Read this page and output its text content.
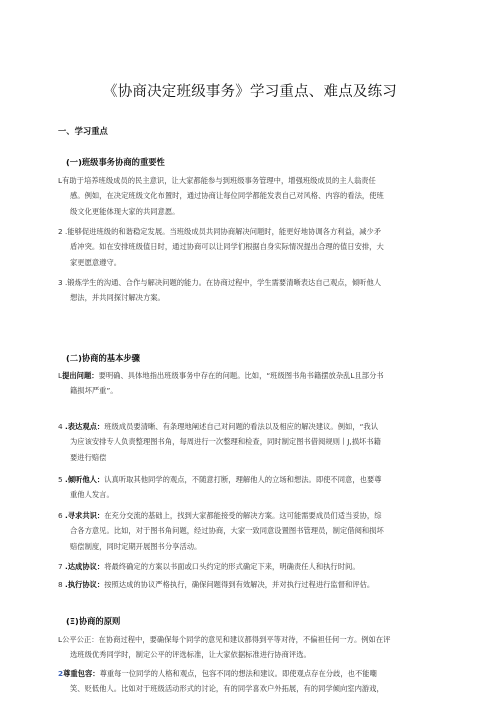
《协商决定班级事务》学习重点、难点及练习
一、学习重点
(一)班级事务协商的重要性
L有助于培养班级成员的民主意识，让大家都能参与到班级事务管理中，增强班级成员的主人翁责任
感。例如，在决定班级文化布置时，通过协商让每位同学都能发表自己对风格、内容的看法，使班
级文化更能体现大家的共同意愿。
2 .能够促进班级的和谐稳定发展。当班级成员共同协商解决问题时，能更好地协调各方利益，减少矛
盾冲突。如在安排班级值日时，通过协商可以让同学们根据自身实际情况提出合理的值日安排，大
家更愿意遵守。
3 .锻炼学生的沟通、合作与解决问题的能力。在协商过程中，学生需要清晰表达自己观点，倾听他人
想法，并共同探讨解决方案。
(二)协商的基本步骤
L提出问题：要明确、具体地指出班级事务中存在的问题。比如，“班级图书角书籍摆放杂乱L且部分书
籍损坏严重”。
4 .表达观点：班级成员要清晰、有条理地阐述自己对问题的看法以及相应的解决建议。例如，“我认
为应该安排专人负责整理图书角，每周进行一次整理和检查，同时制定图书借阅规则丨J,损坏书籍
要进行赔偿
5 .倾听他人：认真听取其他同学的观点，不随意打断，理解他人的立场和想法。即使不同意，也要尊
重他人发言。
6 .寻求共识：在充分交流的基础上，找到大家都能接受的解决方案。这可能需要成员们适当妥协，综
合各方意见。比如，对于图书角问题，经过协商，大家一致同意设置图书管理员，制定借阅和损坏
赔偿制度，同时定期开展图书分享活动。
7 .达成协议：将最终确定的方案以书面或口头约定的形式确定下来，明确责任人和执行时间。
8 .执行协议：按照达成的协议严格执行，确保问题得到有效解决，并对执行过程进行监督和评估。
(Ξ)协商的原则
L公平公正：在协商过程中，要确保每个同学的意见和建议都得到平等对待，不偏袒任何一方。例如在评
选班级优秀同学时，制定公平的评选标准，让大家依据标准进行协商评选。
2尊重包容：尊重每一位同学的人格和观点，包容不同的想法和建议。即使观点存在分歧，也不能嘲
笑、贬低他人。比如对于班级活动形式的讨论，有的同学喜欢户外拓展，有的同学倾向室内游戏，
